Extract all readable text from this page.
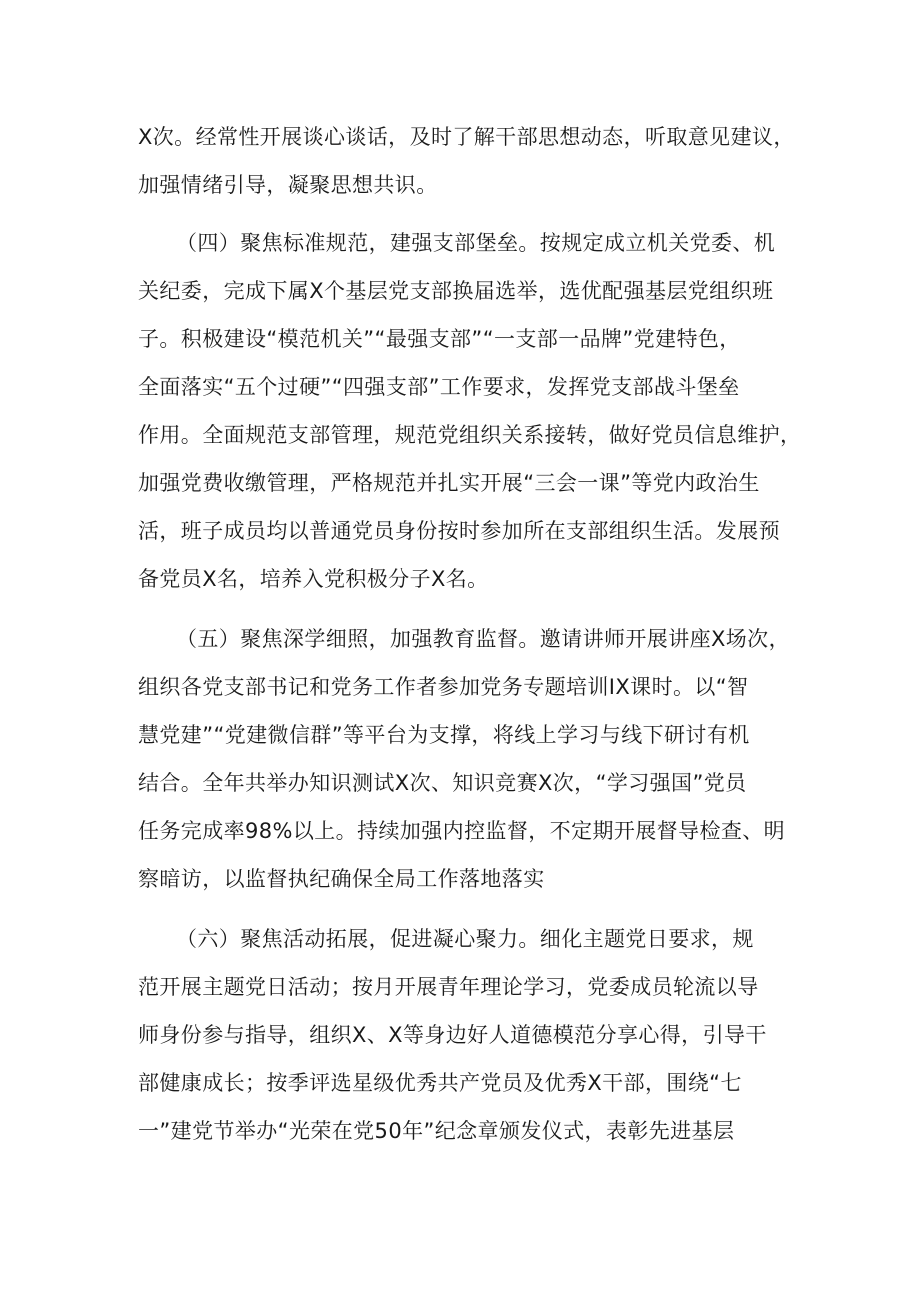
X次。经常性开展谈心谈话，及时了解干部思想动态，听取意见建议，
加强情绪引导，凝聚思想共识。
（四）聚焦标准规范，建强支部堡垒。按规定成立机关党委、机
关纪委，完成下属X个基层党支部换届选举，选优配强基层党组织班
子。积极建设“模范机关”“最强支部”“一支部一品牌”党建特色，
全面落实“五个过硬”“四强支部”工作要求，发挥党支部战斗堡垒
作用。全面规范支部管理，规范党组织关系接转，做好党员信息维护，
加强党费收缴管理，严格规范并扎实开展“三会一课”等党内政治生
活，班子成员均以普通党员身份按时参加所在支部组织生活。发展预
备党员X名，培养入党积极分子X名。
（五）聚焦深学细照，加强教育监督。邀请讲师开展讲座X场次，
组织各党支部书记和党务工作者参加党务专题培训IX课时。以“智
慧党建”“党建微信群”等平台为支撑，将线上学习与线下研讨有机
结合。全年共举办知识测试X次、知识竞赛X次，“学习强国”党员
任务完成率98%以上。持续加强内控监督，不定期开展督导检查、明
察暗访，以监督执纪确保全局工作落地落实
（六）聚焦活动拓展，促进凝心聚力。细化主题党日要求，规
范开展主题党日活动；按月开展青年理论学习，党委成员轮流以导
师身份参与指导，组织X、X等身边好人道德模范分享心得，引导干
部健康成长；按季评选星级优秀共产党员及优秀X干部，围绕“七
一”建党节举办“光荣在党50年”纪念章颁发仪式，表彰先进基层
